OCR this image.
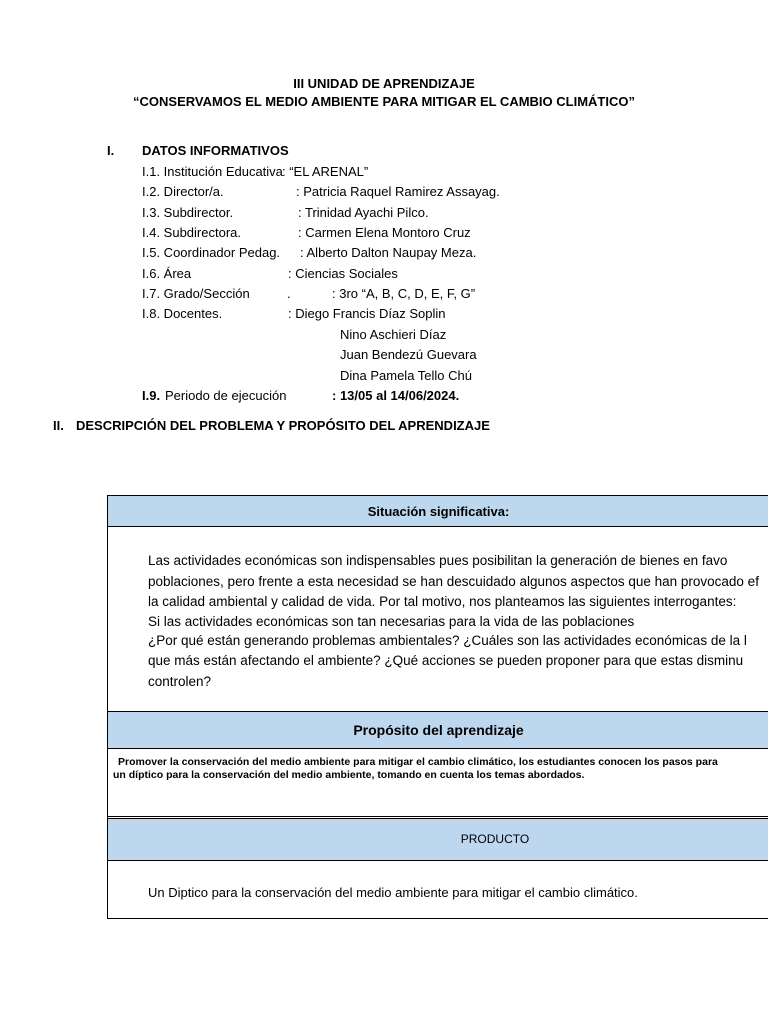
III UNIDAD DE APRENDIZAJE
“CONSERVAMOS EL MEDIO AMBIENTE PARA MITIGAR EL CAMBIO CLIMÁTICO”
I. DATOS INFORMATIVOS
I.1. Institución Educativa : “EL ARENAL”
I.2. Director/a.	: Patricia Raquel Ramirez Assayag.
I.3. Subdirector.	: Trinidad Ayachi Pilco.
I.4. Subdirectora.	: Carmen Elena Montoro Cruz
I.5. Coordinador Pedag. : Alberto Dalton Naupay Meza.
I.6. Área	: Ciencias Sociales
I.7. Grado/Sección	.	: 3ro “A, B, C, D, E, F, G”
I.8. Docentes.	: Diego Francis Díaz Soplin
Nino Aschieri Díaz
Juan Bendezú Guevara
Dina Pamela Tello Chú
I.9. Periodo de ejecución	: 13/05 al 14/06/2024.
II. DESCRIPCIÓN DEL PROBLEMA Y PROPÓSITO DEL APRENDIZAJE
Situación significativa:
Las actividades económicas son indispensables pues posibilitan la generación de bienes en favo
poblaciones, pero frente a esta necesidad se han descuidado algunos aspectos que han provocado ef
la calidad ambiental y calidad de vida. Por tal motivo, nos planteamos las siguientes interrogantes:
Si las actividades económicas son tan necesarias para la vida de las poblaciones
¿Por qué están generando problemas ambientales? ¿Cuáles son las actividades económicas de la l
que más están afectando el ambiente? ¿Qué acciones se pueden proponer para que estas disminu
controlen?
Propósito del aprendizaje
Promover la conservación del medio ambiente para mitigar el cambio climático, los estudiantes conocen los pasos para
un díptico para la conservación del medio ambiente, tomando en cuenta los temas abordados.
PRODUCTO
Un Diptico para la conservación del medio ambiente para mitigar el cambio climático.
